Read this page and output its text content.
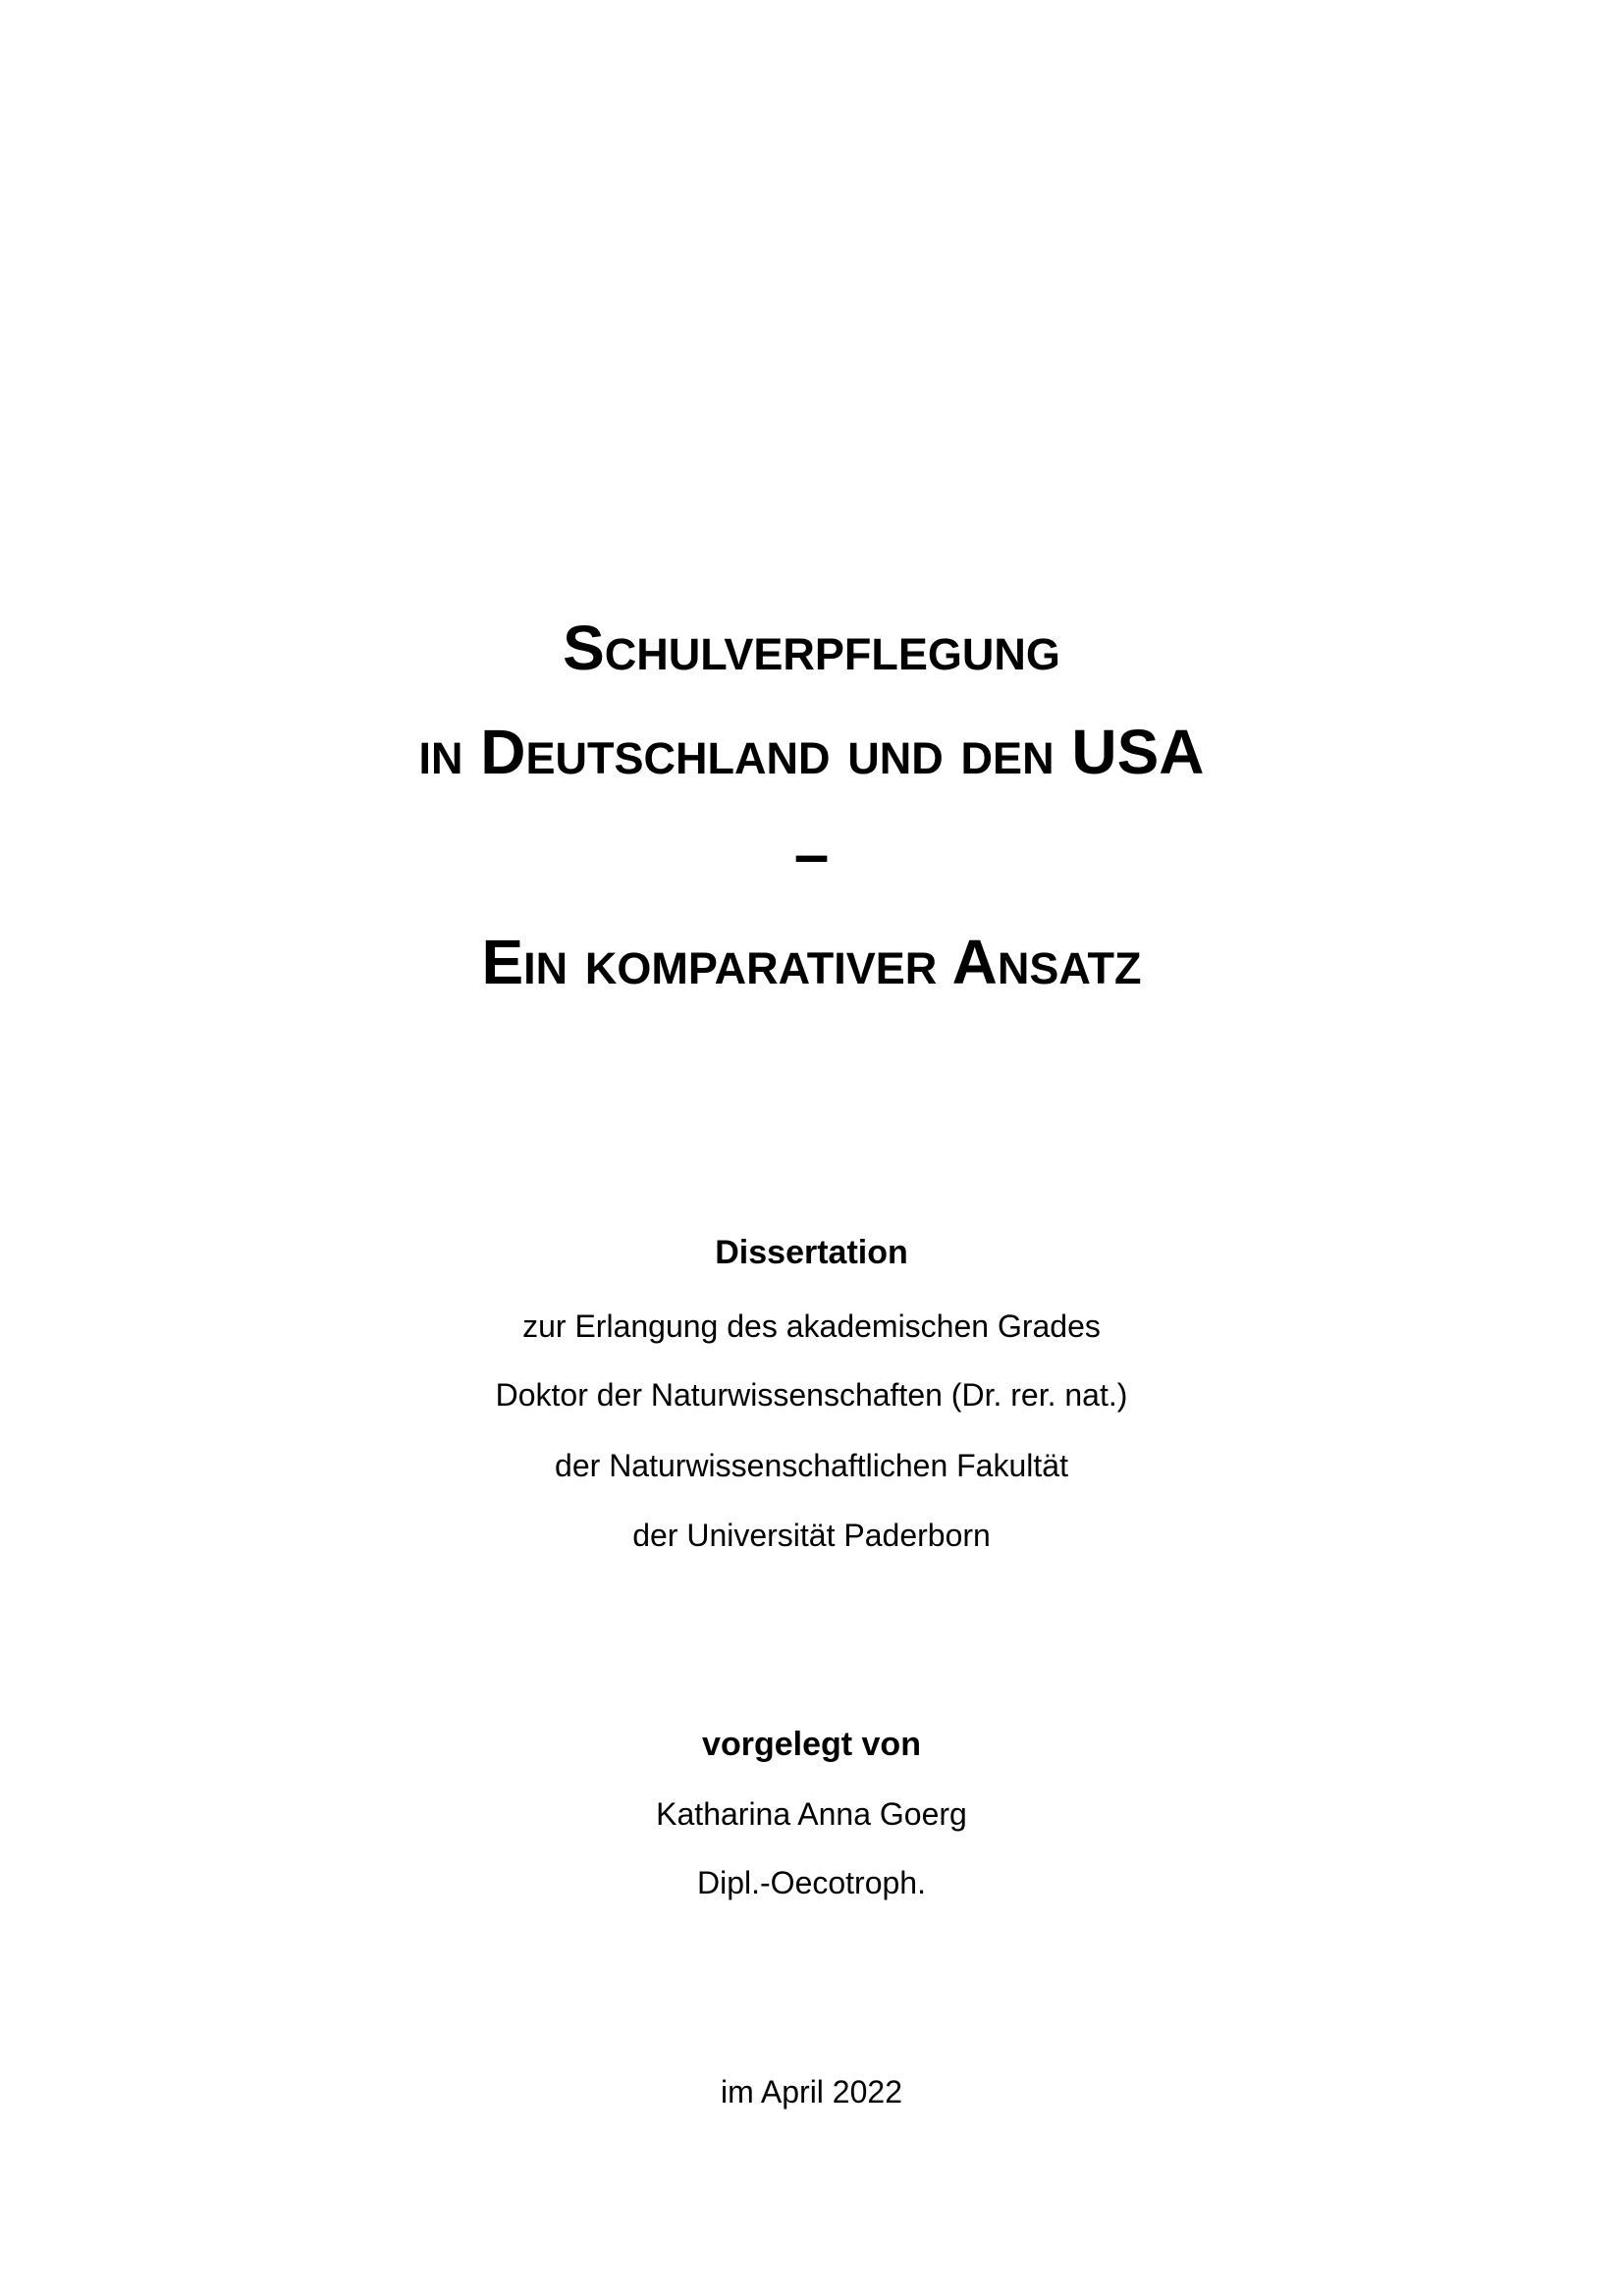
Schulverpflegung
in Deutschland und den USA
–
Ein komparativer Ansatz
Dissertation
zur Erlangung des akademischen Grades
Doktor der Naturwissenschaften (Dr. rer. nat.)
der Naturwissenschaftlichen Fakultät
der Universität Paderborn
vorgelegt von
Katharina Anna Goerg
Dipl.-Oecotroph.
im April 2022
